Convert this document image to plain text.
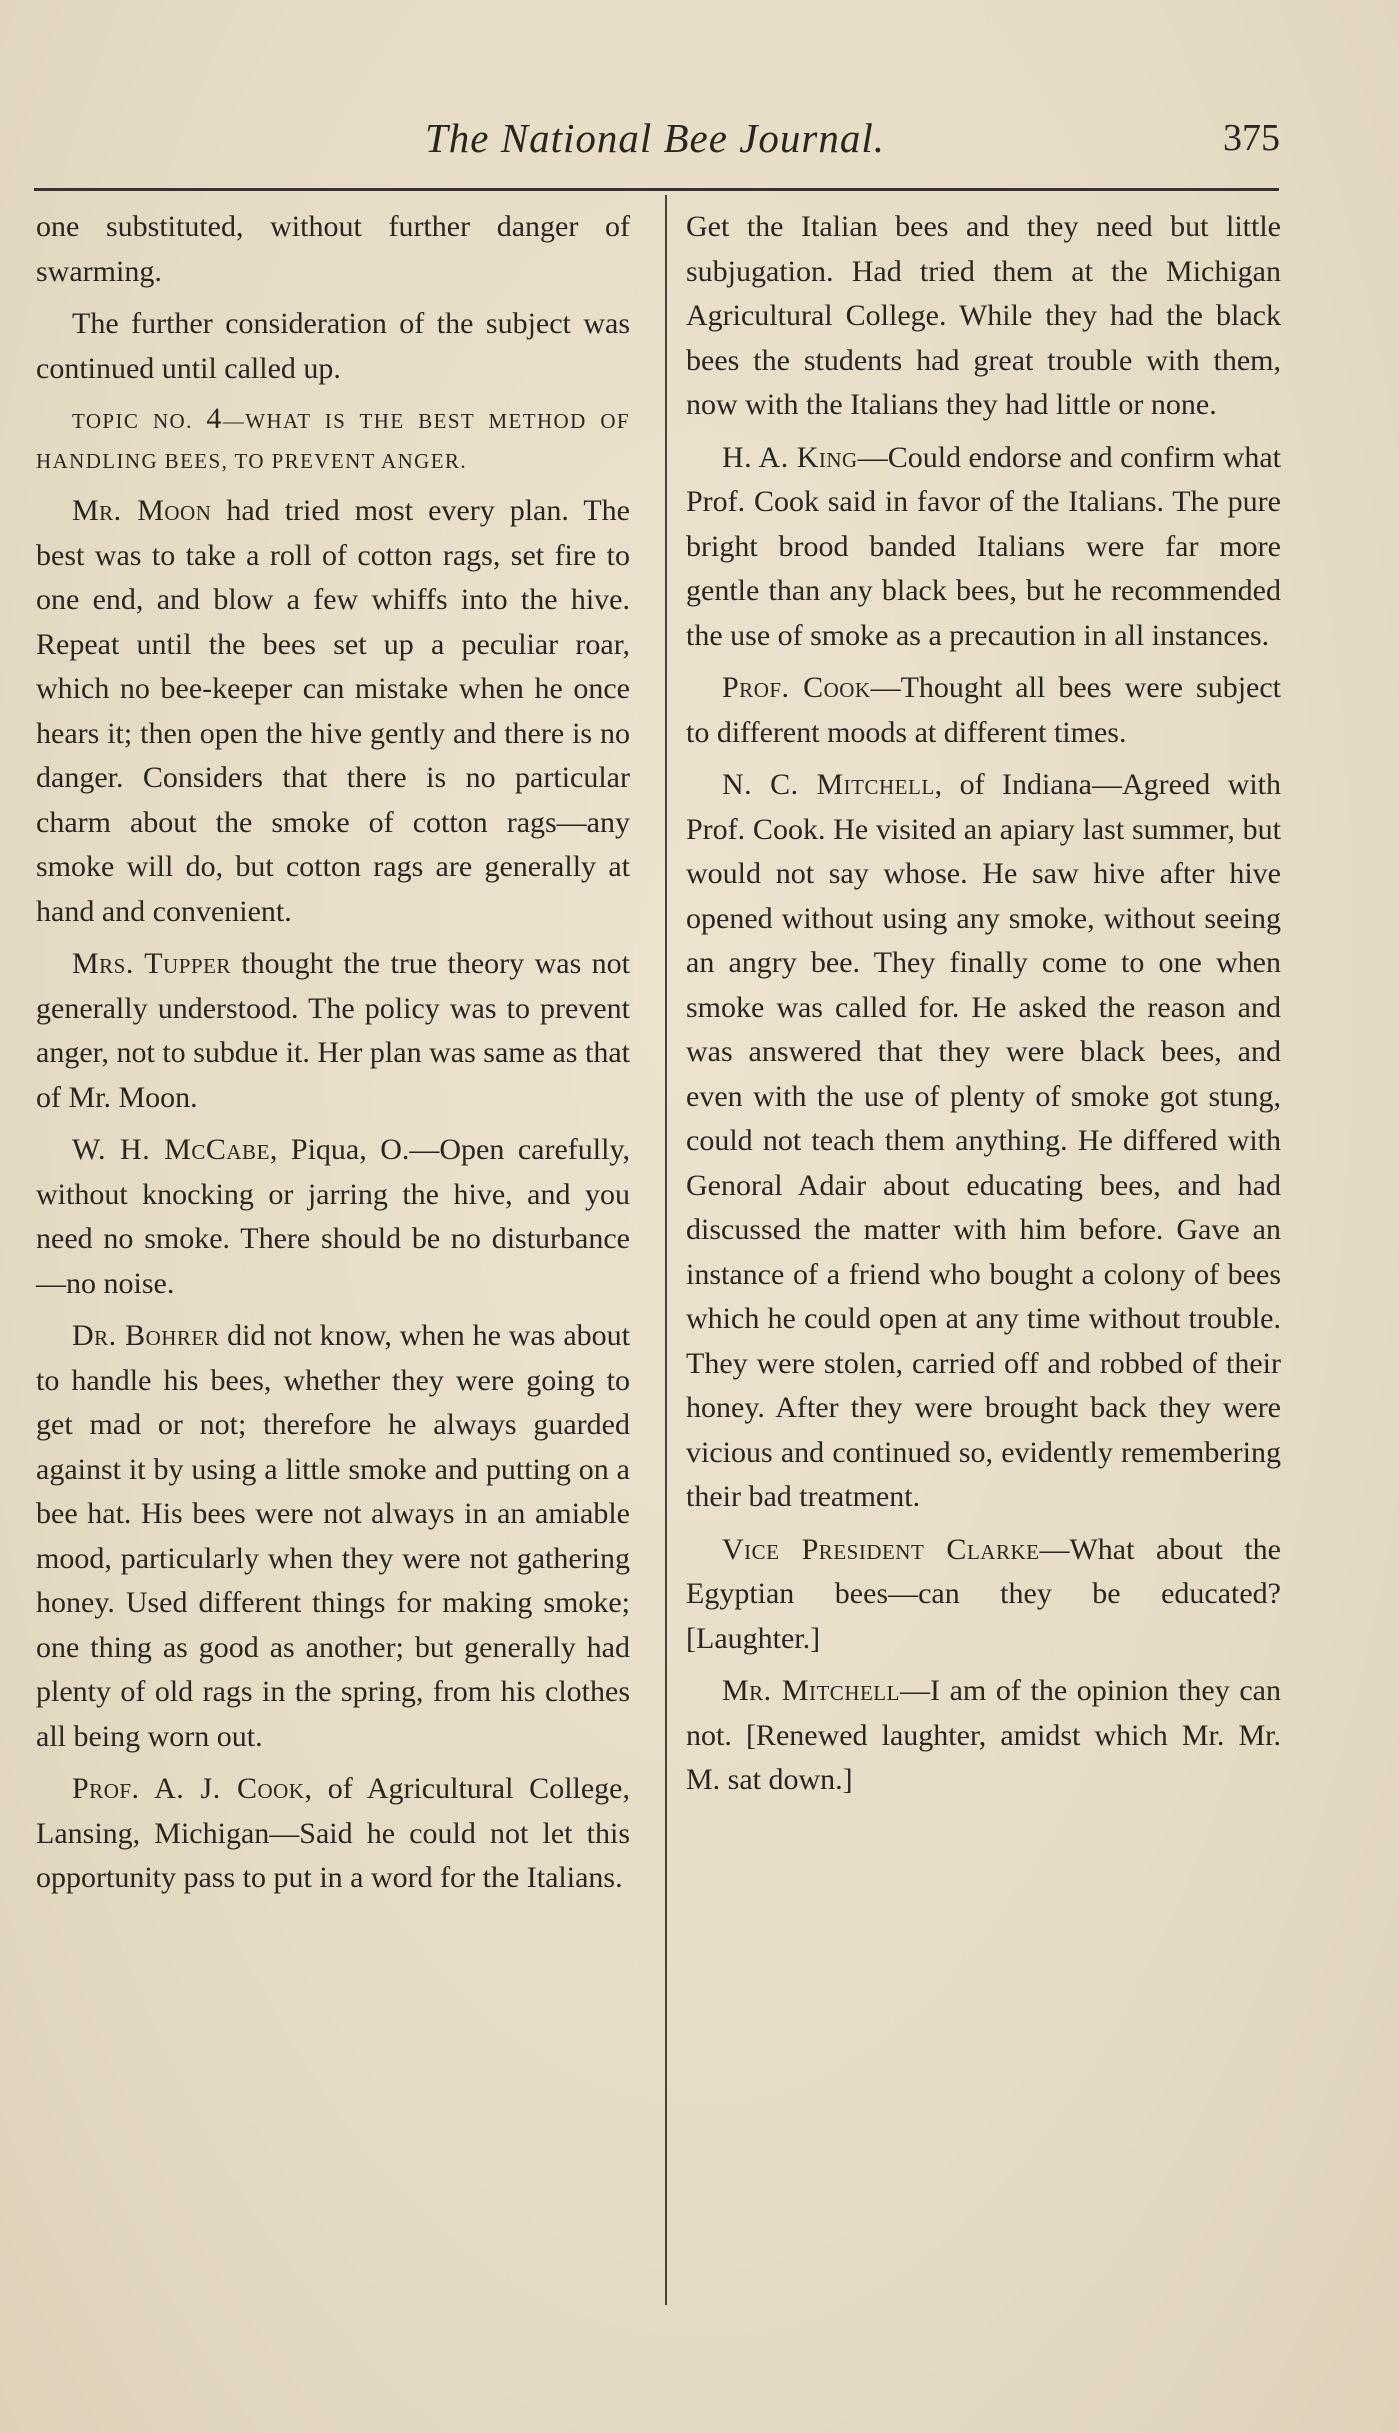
The National Bee Journal.	375

one substituted, without further danger of swarming.

The further consideration of the subject was continued until called up.

TOPIC NO. 4—WHAT IS THE BEST METHOD OF HANDLING BEES, TO PREVENT ANGER.

Mr. Moon had tried most every plan. The best was to take a roll of cotton rags, set fire to one end, and blow a few whiffs into the hive. Repeat until the bees set up a peculiar roar, which no bee-keeper can mistake when he once hears it; then open the hive gently and there is no danger. Considers that there is no particular charm about the smoke of cotton rags—any smoke will do, but cotton rags are generally at hand and convenient.

Mrs. Tupper thought the true theory was not generally understood. The policy was to prevent anger, not to subdue it. Her plan was same as that of Mr. Moon.

W. H. McCabe, Piqua, O.—Open carefully, without knocking or jarring the hive, and you need no smoke. There should be no disturbance—no noise.

Dr. Bohrer did not know, when he was about to handle his bees, whether they were going to get mad or not; therefore he always guarded against it by using a little smoke and putting on a bee hat. His bees were not always in an amiable mood, particularly when they were not gathering honey. Used different things for making smoke; one thing as good as another; but generally had plenty of old rags in the spring, from his clothes all being worn out.

Prof. A. J. Cook, of Agricultural College, Lansing, Michigan—Said he could not let this opportunity pass to put in a word for the Italians.

Get the Italian bees and they need but little subjugation. Had tried them at the Michigan Agricultural College. While they had the black bees the students had great trouble with them, now with the Italians they had little or none.

H. A. King—Could endorse and confirm what Prof. Cook said in favor of the Italians. The pure bright brood banded Italians were far more gentle than any black bees, but he recommended the use of smoke as a precaution in all instances.

Prof. Cook—Thought all bees were subject to different moods at different times.

N. C. Mitchell, of Indiana—Agreed with Prof. Cook. He visited an apiary last summer, but would not say whose. He saw hive after hive opened without using any smoke, without seeing an angry bee. They finally come to one when smoke was called for. He asked the reason and was answered that they were black bees, and even with the use of plenty of smoke got stung, could not teach them anything. He differed with Genoral Adair about educating bees, and had discussed the matter with him before. Gave an instance of a friend who bought a colony of bees which he could open at any time without trouble. They were stolen, carried off and robbed of their honey. After they were brought back they were vicious and continued so, evidently remembering their bad treatment.

Vice President Clarke—What about the Egyptian bees—can they be educated? [Laughter.]

Mr. Mitchell—I am of the opinion they can not. [Renewed laughter, amidst which Mr. Mr. M. sat down.]
